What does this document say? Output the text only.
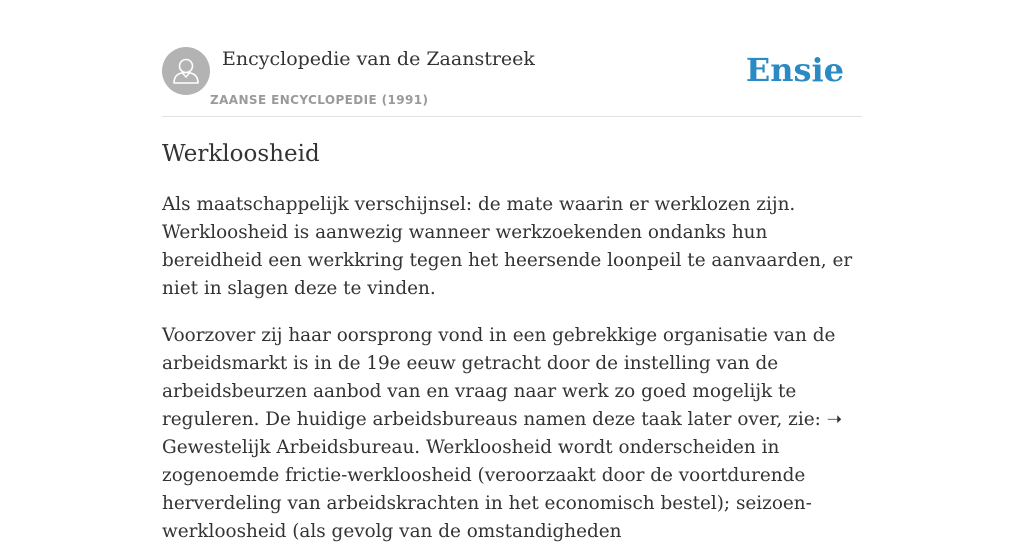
Encyclopedie van de Zaanstreek
ZAANSE ENCYCLOPEDIE (1991)
Ensie
Werkloosheid

Als maatschappelijk verschijnsel: de mate waarin er werklozen zijn. Werkloosheid is aanwezig wanneer werkzoekenden ondanks hun bereidheid een werkkring tegen het heersende loonpeil te aanvaarden, er niet in slagen deze te vinden.

Voorzover zij haar oorsprong vond in een gebrekkige organisatie van de arbeidsmarkt is in de 19e eeuw getracht door de instelling van de arbeidsbeurzen aanbod van en vraag naar werk zo goed mogelijk te reguleren. De huidige arbeidsbureaus namen deze taak later over, zie: ➝ Gewestelijk Arbeidsbureau. Werkloosheid wordt onderscheiden in zogenoemde frictie-werkloosheid (veroorzaakt door de voortdurende herverdeling van arbeidskrachten in het economisch bestel); seizoen-werkloosheid (als gevolg van de omstandigheden
